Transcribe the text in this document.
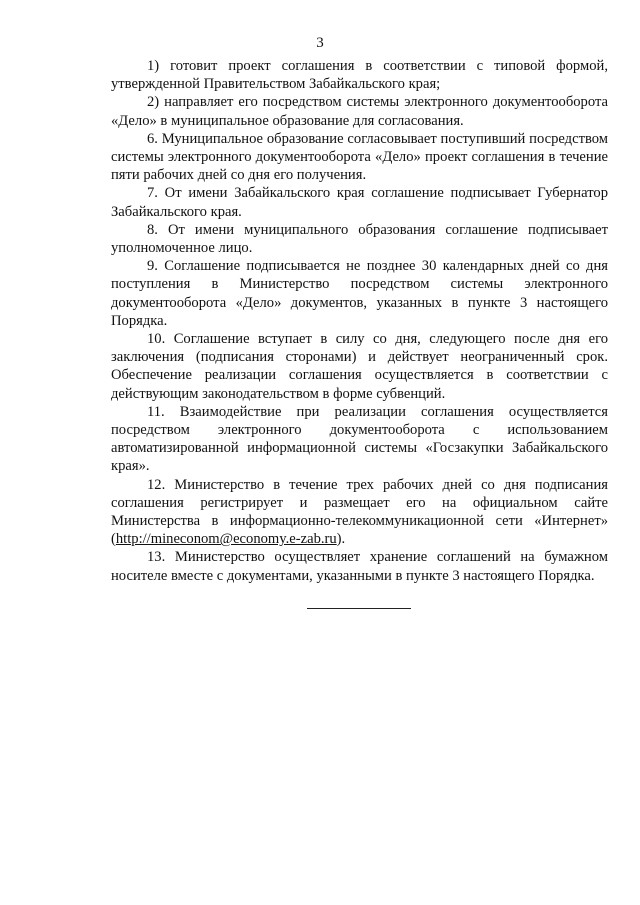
3

1) готовит проект соглашения в соответствии с типовой формой, утвержденной Правительством Забайкальского края;

2) направляет его посредством системы электронного документооборота «Дело» в муниципальное образование для согласования.

6. Муниципальное образование согласовывает поступивший посредством системы электронного документооборота «Дело» проект соглашения в течение пяти рабочих дней со дня его получения.

7. От имени Забайкальского края соглашение подписывает Губернатор Забайкальского края.

8. От имени муниципального образования соглашение подписывает уполномоченное лицо.

9. Соглашение подписывается не позднее 30 календарных дней со дня поступления в Министерство посредством системы электронного документооборота «Дело» документов, указанных в пункте 3 настоящего Порядка.

10. Соглашение вступает в силу со дня, следующего после дня его заключения (подписания сторонами) и действует неограниченный срок. Обеспечение реализации соглашения осуществляется в соответствии с действующим законодательством в форме субвенций.

11. Взаимодействие при реализации соглашения осуществляется посредством электронного документооборота с использованием автоматизированной информационной системы «Госзакупки Забайкальского края».

12. Министерство в течение трех рабочих дней со дня подписания соглашения регистрирует и размещает его на официальном сайте Министерства в информационно-телекоммуникационной сети «Интернет» (http://mineconom@economy.e-zab.ru).

13. Министерство осуществляет хранение соглашений на бумажном носителе вместе с документами, указанными в пункте 3 настоящего Порядка.
